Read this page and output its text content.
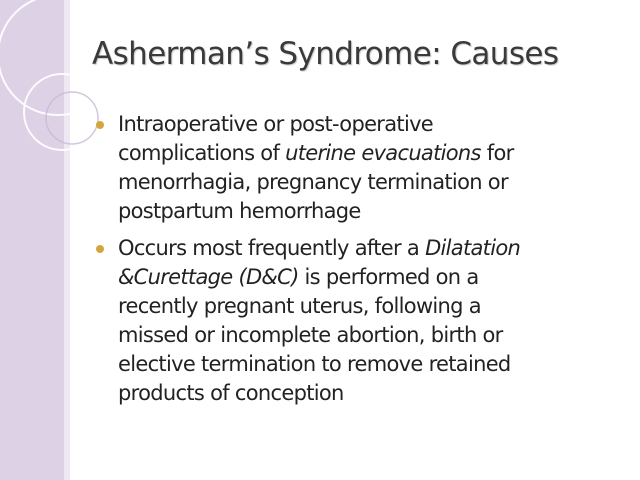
Asherman’s Syndrome: Causes
Intraoperative or post-operative
complications of uterine evacuations for
menorrhagia, pregnancy termination or
postpartum hemorrhage
Occurs most frequently after a Dilatation
&Curettage (D&C) is performed on a
recently pregnant uterus, following a
missed or incomplete abortion, birth or
elective termination to remove retained
products of conception
